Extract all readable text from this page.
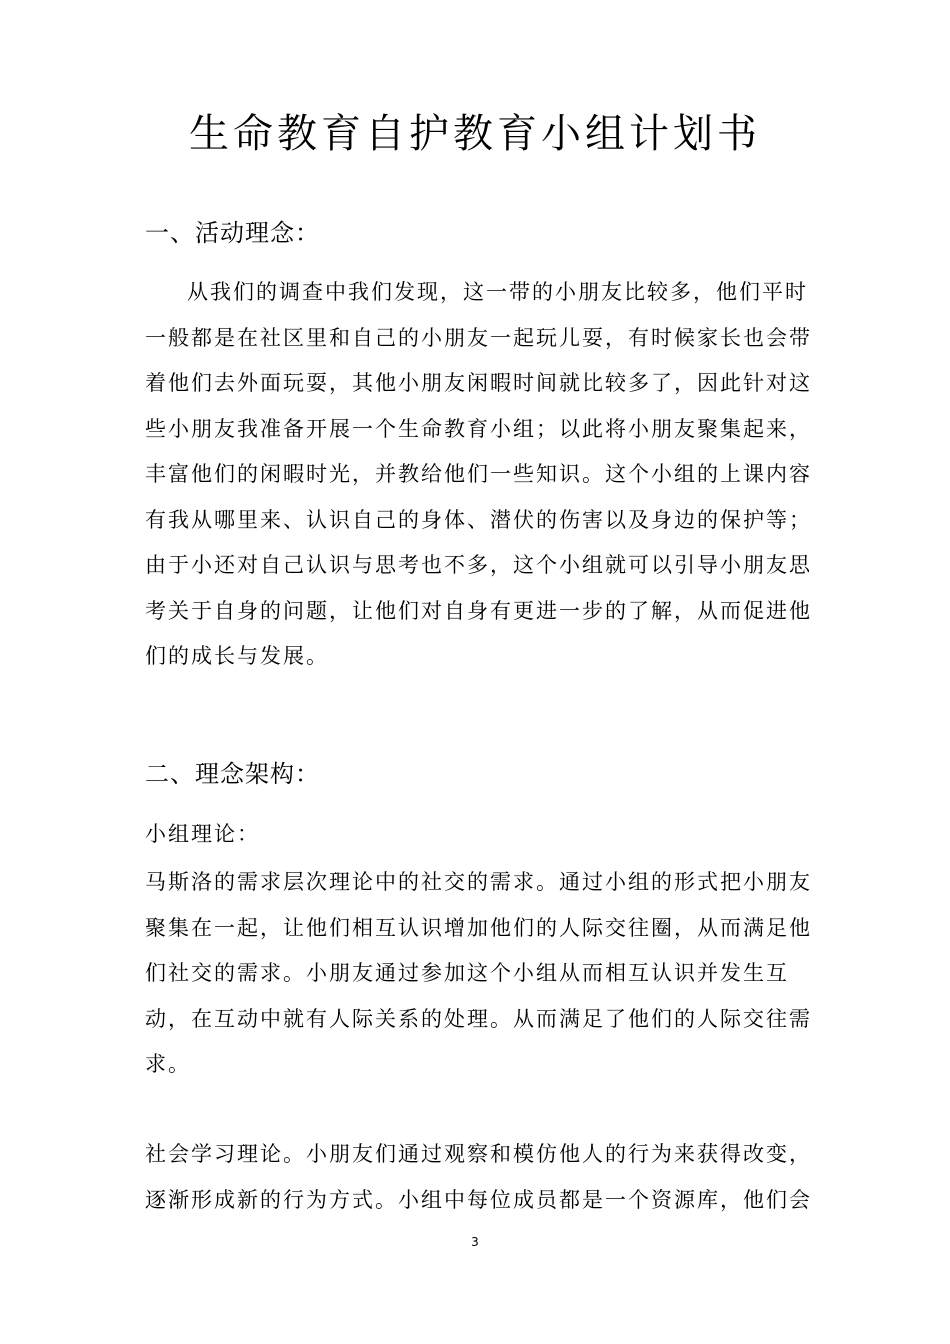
生命教育自护教育小组计划书
一、活动理念：
从我们的调查中我们发现，这一带的小朋友比较多，他们平时
一般都是在社区里和自己的小朋友一起玩儿耍，有时候家长也会带
着他们去外面玩耍，其他小朋友闲暇时间就比较多了，因此针对这
些小朋友我准备开展一个生命教育小组；以此将小朋友聚集起来，
丰富他们的闲暇时光，并教给他们一些知识。这个小组的上课内容
有我从哪里来、认识自己的身体、潜伏的伤害以及身边的保护等；
由于小还对自己认识与思考也不多，这个小组就可以引导小朋友思
考关于自身的问题，让他们对自身有更进一步的了解，从而促进他
们的成长与发展。
二、理念架构：
小组理论：
马斯洛的需求层次理论中的社交的需求。通过小组的形式把小朋友
聚集在一起，让他们相互认识增加他们的人际交往圈，从而满足他
们社交的需求。小朋友通过参加这个小组从而相互认识并发生互
动，在互动中就有人际关系的处理。从而满足了他们的人际交往需
求。
社会学习理论。小朋友们通过观察和模仿他人的行为来获得改变，
逐渐形成新的行为方式。小组中每位成员都是一个资源库，他们会
3
